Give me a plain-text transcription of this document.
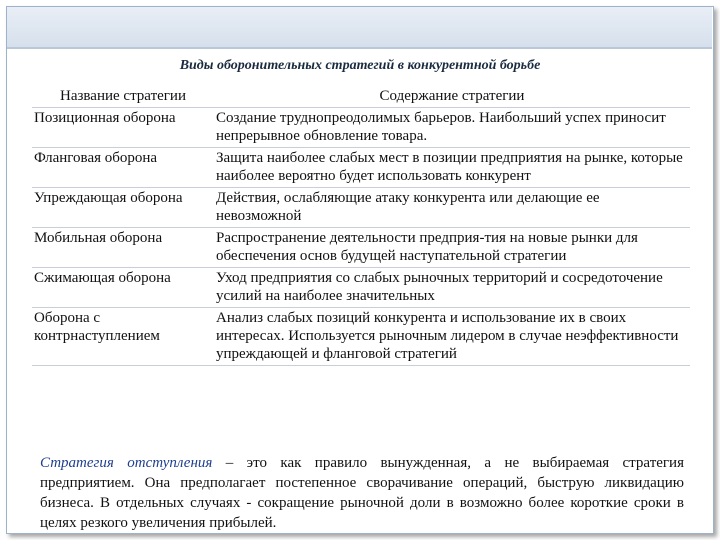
Виды оборонительных стратегий в конкурентной борьбе
Название стратегии	Содержание стратегии
Позиционная оборона	Создание труднопреодолимых барьеров. Наибольший успех приносит непрерывное обновление товара.
Фланговая оборона	Защита наиболее слабых мест в позиции предприятия на рынке, которые наиболее вероятно будет использовать конкурент
Упреждающая оборона	Действия, ослабляющие атаку конкурента или делающие ее невозможной
Мобильная оборона	Распространение деятельности предприя-тия на новые рынки для обеспечения основ будущей наступательной стратегии
Сжимающая оборона	Уход предприятия со слабых рыночных территорий и сосредоточение усилий на наиболее значительных
Оборона с контрнаступлением	Анализ слабых позиций конкурента и использование их в своих интересах. Используется рыночным лидером в случае неэффективности упреждающей и фланговой стратегий

Стратегия отступления – это как правило вынужденная, а не выбираемая стратегия предприятием. Она предполагает постепенное сворачивание операций, быструю ликвидацию бизнеса. В отдельных случаях - сокращение рыночной доли в возможно более короткие сроки в целях резкого увеличения прибылей.
